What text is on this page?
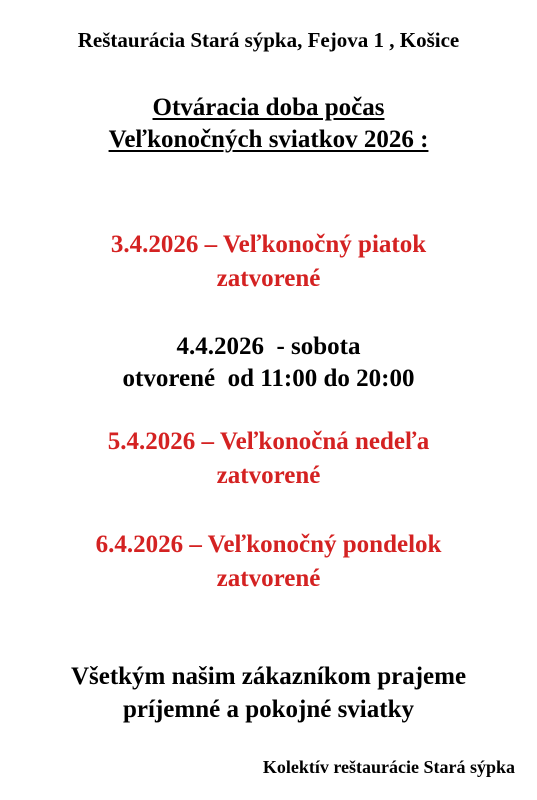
Reštaurácia Stará sýpka, Fejova 1 , Košice
Otváracia doba počas
Veľkonočných sviatkov 2026 :
3.4.2026 – Veľkonočný piatok
zatvorené
4.4.2026  - sobota
otvorené  od 11:00 do 20:00
5.4.2026 – Veľkonočná nedeľa
zatvorené
6.4.2026 – Veľkonočný pondelok
zatvorené
Všetkým našim zákazníkom prajeme
príjemné a pokojné sviatky
Kolektív reštaurácie Stará sýpka
